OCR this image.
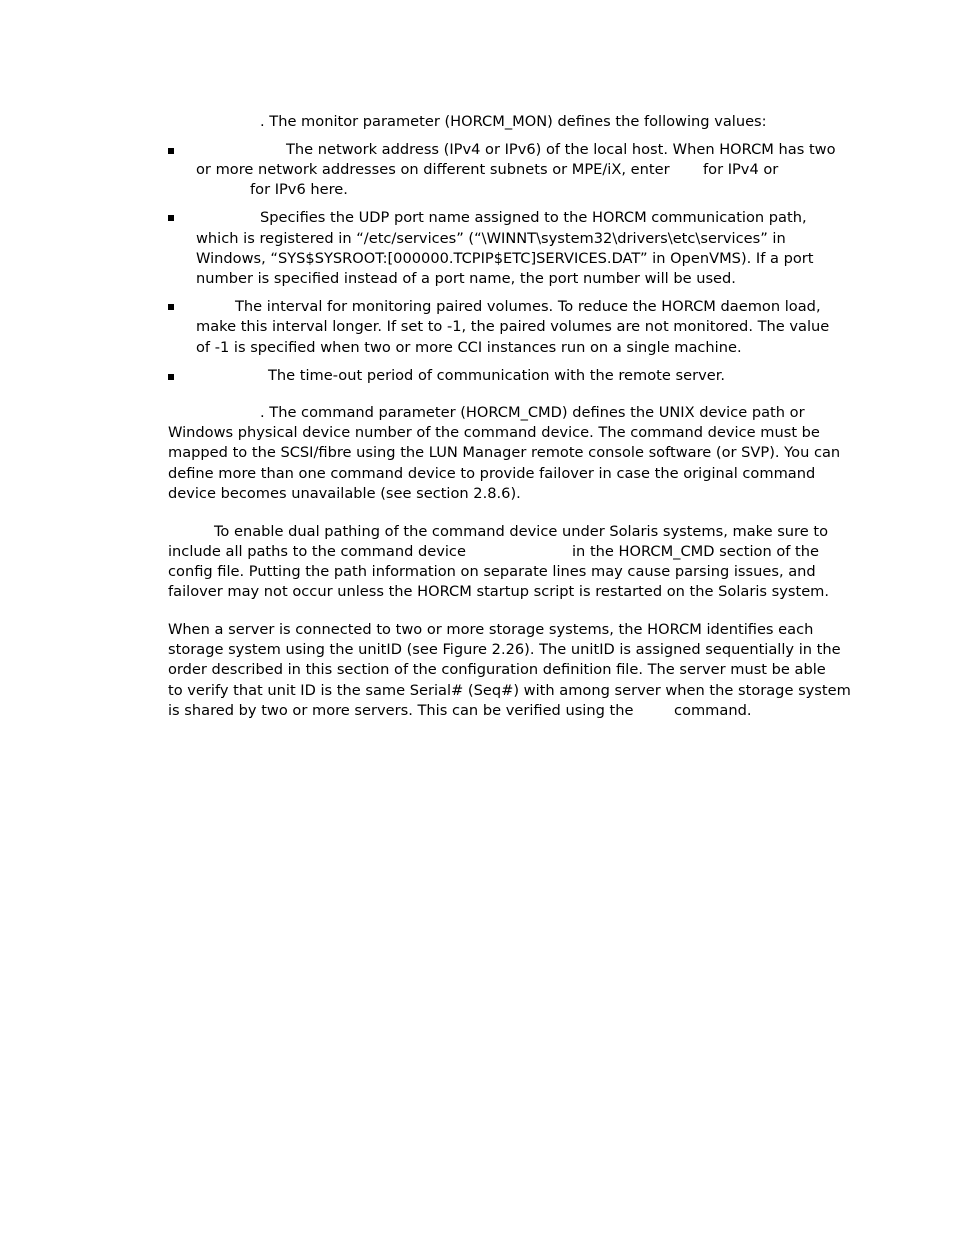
. The monitor parameter (HORCM_MON) defines the following values:
The network address (IPv4 or IPv6) of the local host. When HORCM has two
or more network addresses on different subnets or MPE/iX, enter for IPv4 or
for IPv6 here.
Specifies the UDP port name assigned to the HORCM communication path,
which is registered in “/etc/services” (“\WINNT\system32\drivers\etc\services” in
Windows, “SYS$SYSROOT:[000000.TCPIP$ETC]SERVICES.DAT” in OpenVMS). If a port
number is specified instead of a port name, the port number will be used.
The interval for monitoring paired volumes. To reduce the HORCM daemon load,
make this interval longer. If set to -1, the paired volumes are not monitored. The value
of -1 is specified when two or more CCI instances run on a single machine.
The time-out period of communication with the remote server.
. The command parameter (HORCM_CMD) defines the UNIX device path or
Windows physical device number of the command device. The command device must be
mapped to the SCSI/fibre using the LUN Manager remote console software (or SVP). You can
define more than one command device to provide failover in case the original command
device becomes unavailable (see section 2.8.6).
To enable dual pathing of the command device under Solaris systems, make sure to
include all paths to the command device	in the HORCM_CMD section of the
config file. Putting the path information on separate lines may cause parsing issues, and
failover may not occur unless the HORCM startup script is restarted on the Solaris system.
When a server is connected to two or more storage systems, the HORCM identifies each
storage system using the unitID (see Figure 2.26). The unitID is assigned sequentially in the
order described in this section of the configuration definition file. The server must be able
to verify that unit ID is the same Serial# (Seq#) with among server when the storage system
is shared by two or more servers. This can be verified using the	command.
